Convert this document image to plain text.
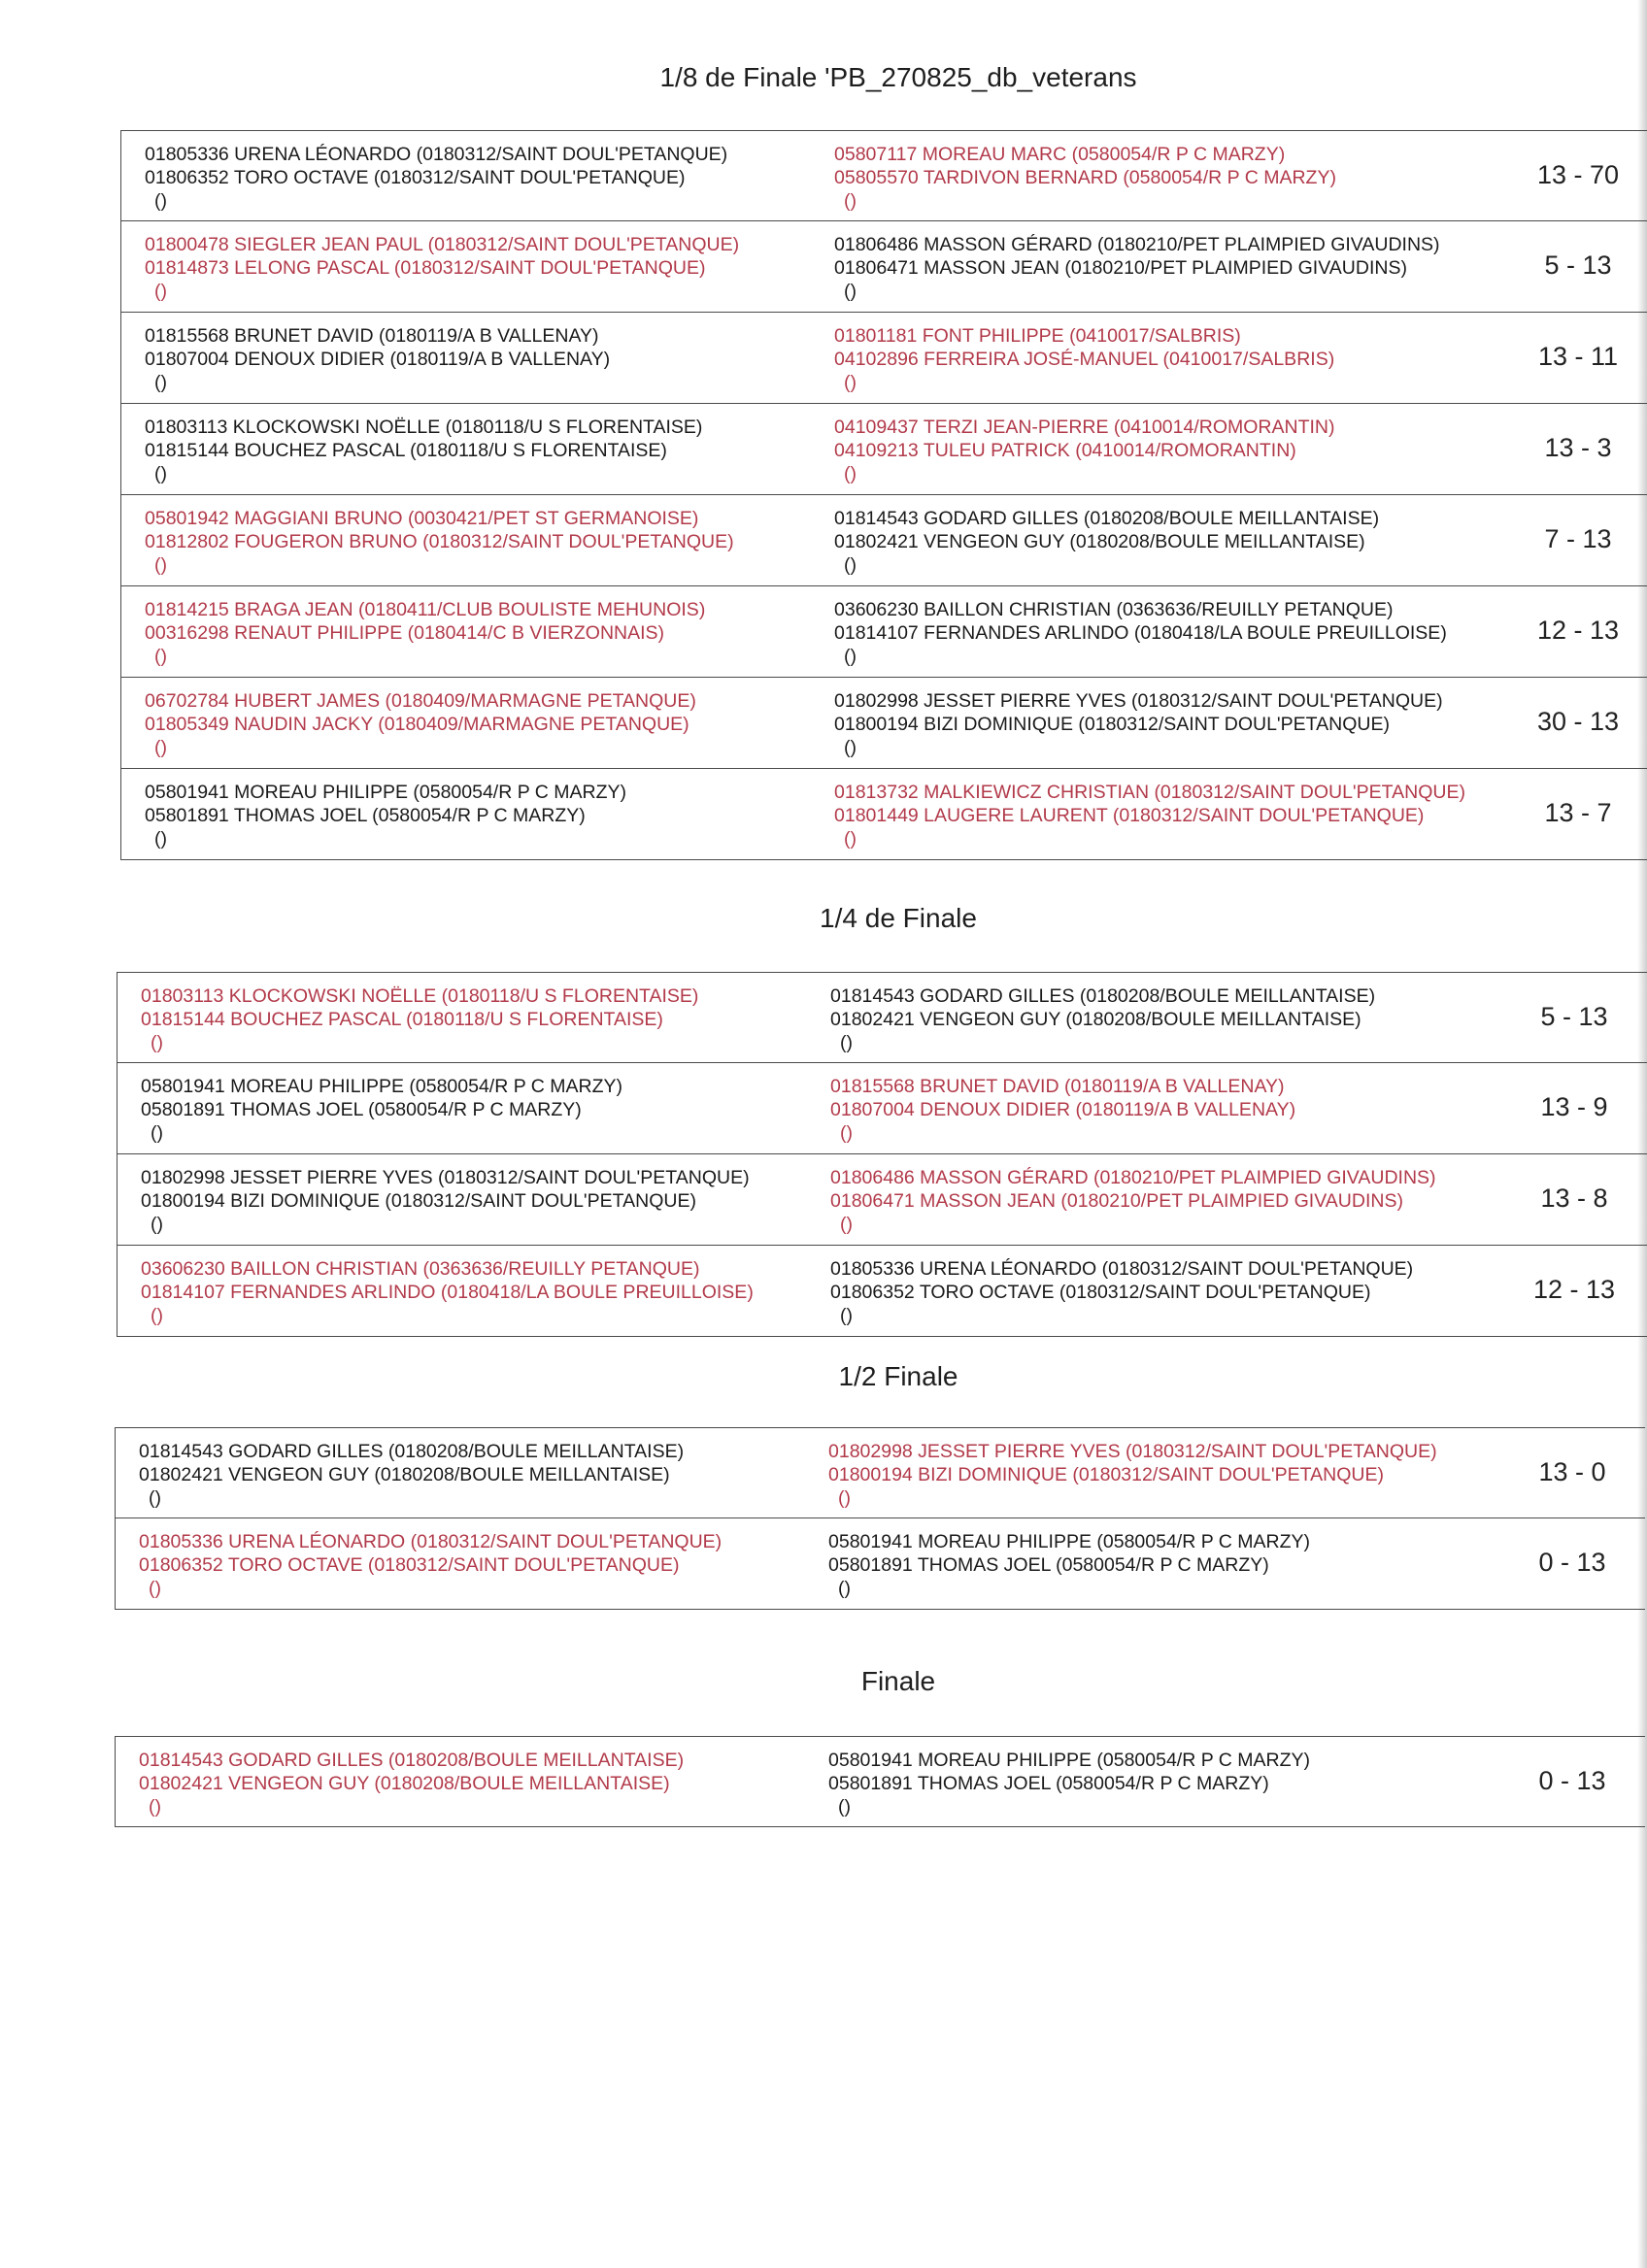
1/8 de Finale 'PB_270825_db_veterans
01805336 URENA LÉONARDO (0180312/SAINT DOUL'PETANQUE)
01806352 TORO OCTAVE (0180312/SAINT DOUL'PETANQUE)
()
05807117 MOREAU MARC (0580054/R P C MARZY)
05805570 TARDIVON BERNARD (0580054/R P C MARZY)
()
13 - 70
01800478 SIEGLER JEAN PAUL (0180312/SAINT DOUL'PETANQUE)
01814873 LELONG PASCAL (0180312/SAINT DOUL'PETANQUE)
()
01806486 MASSON GÉRARD (0180210/PET PLAIMPIED GIVAUDINS)
01806471 MASSON JEAN (0180210/PET PLAIMPIED GIVAUDINS)
()
5 - 13
01815568 BRUNET DAVID (0180119/A B VALLENAY)
01807004 DENOUX DIDIER (0180119/A B VALLENAY)
()
01801181 FONT PHILIPPE (0410017/SALBRIS)
04102896 FERREIRA JOSÉ-MANUEL (0410017/SALBRIS)
()
13 - 11
01803113 KLOCKOWSKI NOËLLE (0180118/U S FLORENTAISE)
01815144 BOUCHEZ PASCAL (0180118/U S FLORENTAISE)
()
04109437 TERZI JEAN-PIERRE (0410014/ROMORANTIN)
04109213 TULEU PATRICK (0410014/ROMORANTIN)
()
13 - 3
05801942 MAGGIANI BRUNO (0030421/PET ST GERMANOISE)
01812802 FOUGERON BRUNO (0180312/SAINT DOUL'PETANQUE)
()
01814543 GODARD GILLES (0180208/BOULE MEILLANTAISE)
01802421 VENGEON GUY (0180208/BOULE MEILLANTAISE)
()
7 - 13
01814215 BRAGA JEAN (0180411/CLUB BOULISTE MEHUNOIS)
00316298 RENAUT PHILIPPE (0180414/C B VIERZONNAIS)
()
03606230 BAILLON CHRISTIAN (0363636/REUILLY PETANQUE)
01814107 FERNANDES ARLINDO (0180418/LA BOULE PREUILLOISE)
()
12 - 13
06702784 HUBERT JAMES (0180409/MARMAGNE PETANQUE)
01805349 NAUDIN JACKY (0180409/MARMAGNE PETANQUE)
()
01802998 JESSET PIERRE YVES (0180312/SAINT DOUL'PETANQUE)
01800194 BIZI DOMINIQUE (0180312/SAINT DOUL'PETANQUE)
()
30 - 13
05801941 MOREAU PHILIPPE (0580054/R P C MARZY)
05801891 THOMAS JOEL (0580054/R P C MARZY)
()
01813732 MALKIEWICZ CHRISTIAN (0180312/SAINT DOUL'PETANQUE)
01801449 LAUGERE LAURENT (0180312/SAINT DOUL'PETANQUE)
()
13 - 7
1/4 de Finale
01803113 KLOCKOWSKI NOËLLE (0180118/U S FLORENTAISE)
01815144 BOUCHEZ PASCAL (0180118/U S FLORENTAISE)
()
01814543 GODARD GILLES (0180208/BOULE MEILLANTAISE)
01802421 VENGEON GUY (0180208/BOULE MEILLANTAISE)
()
5 - 13
05801941 MOREAU PHILIPPE (0580054/R P C MARZY)
05801891 THOMAS JOEL (0580054/R P C MARZY)
()
01815568 BRUNET DAVID (0180119/A B VALLENAY)
01807004 DENOUX DIDIER (0180119/A B VALLENAY)
()
13 - 9
01802998 JESSET PIERRE YVES (0180312/SAINT DOUL'PETANQUE)
01800194 BIZI DOMINIQUE (0180312/SAINT DOUL'PETANQUE)
()
01806486 MASSON GÉRARD (0180210/PET PLAIMPIED GIVAUDINS)
01806471 MASSON JEAN (0180210/PET PLAIMPIED GIVAUDINS)
()
13 - 8
03606230 BAILLON CHRISTIAN (0363636/REUILLY PETANQUE)
01814107 FERNANDES ARLINDO (0180418/LA BOULE PREUILLOISE)
()
01805336 URENA LÉONARDO (0180312/SAINT DOUL'PETANQUE)
01806352 TORO OCTAVE (0180312/SAINT DOUL'PETANQUE)
()
12 - 13
1/2 Finale
01814543 GODARD GILLES (0180208/BOULE MEILLANTAISE)
01802421 VENGEON GUY (0180208/BOULE MEILLANTAISE)
()
01802998 JESSET PIERRE YVES (0180312/SAINT DOUL'PETANQUE)
01800194 BIZI DOMINIQUE (0180312/SAINT DOUL'PETANQUE)
()
13 - 0
01805336 URENA LÉONARDO (0180312/SAINT DOUL'PETANQUE)
01806352 TORO OCTAVE (0180312/SAINT DOUL'PETANQUE)
()
05801941 MOREAU PHILIPPE (0580054/R P C MARZY)
05801891 THOMAS JOEL (0580054/R P C MARZY)
()
0 - 13
Finale
01814543 GODARD GILLES (0180208/BOULE MEILLANTAISE)
01802421 VENGEON GUY (0180208/BOULE MEILLANTAISE)
()
05801941 MOREAU PHILIPPE (0580054/R P C MARZY)
05801891 THOMAS JOEL (0580054/R P C MARZY)
()
0 - 13
